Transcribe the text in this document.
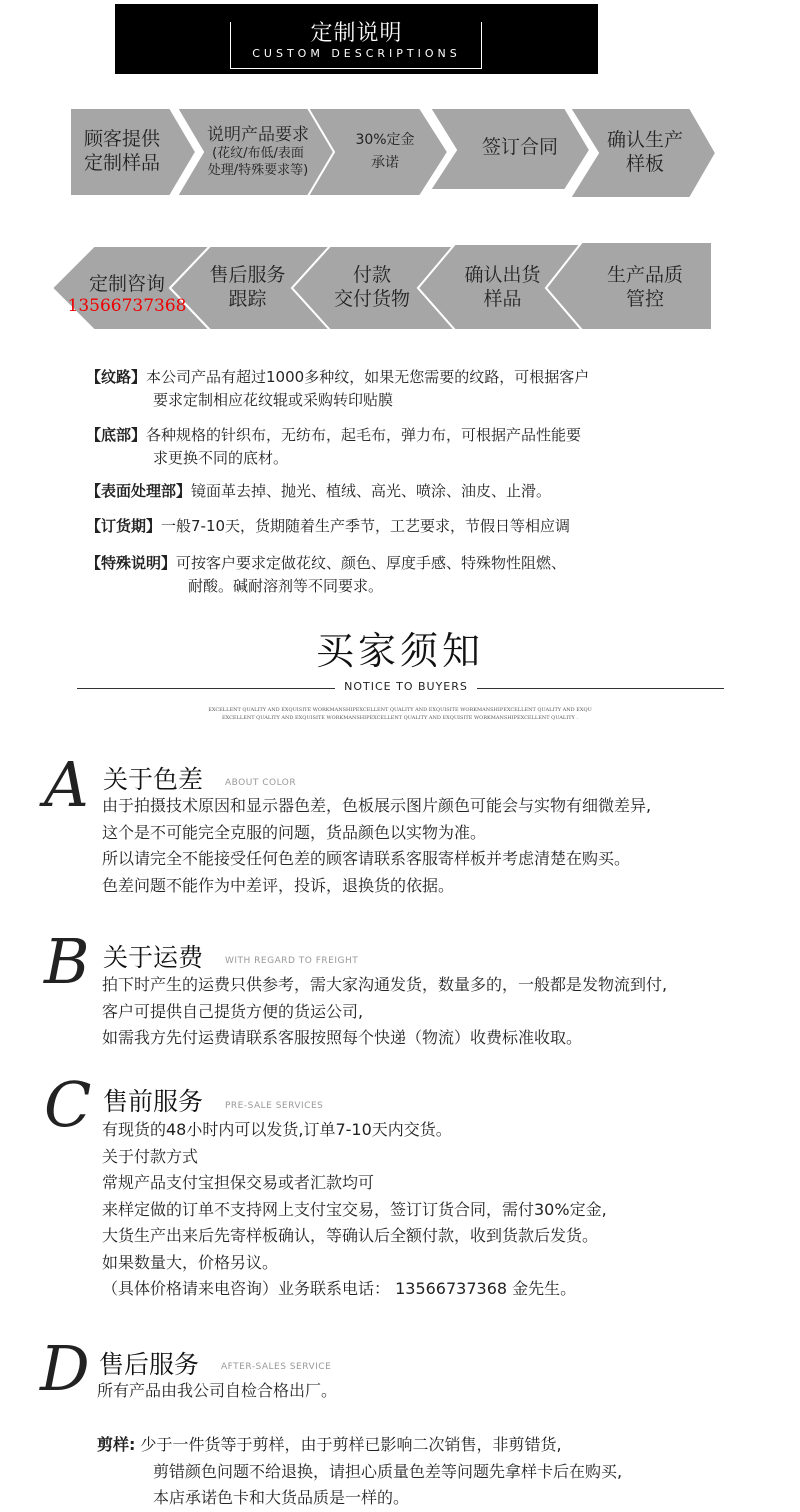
定制说明
CUSTOM DESCRIPTIONS
顾客提供
定制样品
说明产品要求
(花纹/布低/表面
处理/特殊要求等)
30%定金
承诺
签订合同	确认生产
样板
定制咨询
13566737368
售后服务
跟踪
付款
交付货物
确认出货
样品
生产品质
管控
【纹路】本公司产品有超过1000多种纹，如果无您需要的纹路，可根据客户
要求定制相应花纹辊或采购转印贴膜
【底部】各种规格的针织布，无纺布，起毛布，弹力布，可根据产品性能要
求更换不同的底材。
【表面处理部】镜面革去掉、抛光、植绒、高光、喷涂、油皮、止滑。
【订货期】一般7-10天，货期随着生产季节，工艺要求，节假日等相应调
【特殊说明】可按客户要求定做花纹、颜色、厚度手感、特殊物性阻燃、
耐酸。碱耐溶剂等不同要求。
买家须知
NOTICE TO BUYERS
EXCELLENT QUALITY AND EXQUISITE WORKMANSHIPEXCELLENT QUALITY AND EXQUISITE WORKMANSHIPEXCELLENT QUALITY AND EXQU
EXCELLENT QUALITY AND EXQUISITE WORKMANSHIPEXCELLENT QUALITY AND EXQUISITE WORKMANSHIPEXCELLENT QUALITY .
A 关于色差 ABOUT COLOR
由于拍摄技术原因和显示器色差，色板展示图片颜色可能会与实物有细微差异,
这个是不可能完全克服的问题，货品颜色以实物为准。
所以请完全不能接受任何色差的顾客请联系客服寄样板并考虑清楚在购买。
色差问题不能作为中差评，投诉，退换货的依据。
B 关于运费 WITH REGARD TO FREIGHT
拍下时产生的运费只供参考，需大家沟通发货，数量多的，一般都是发物流到付,
客户可提供自己提货方便的货运公司,
如需我方先付运费请联系客服按照每个快递（物流）收费标准收取。
C 售前服务 PRE-SALE SERVICES
有现货的48小时内可以发货,订单7-10天内交货。
关于付款方式
常规产品支付宝担保交易或者汇款均可
来样定做的订单不支持网上支付宝交易，签订订货合同，需付30%定金,
大货生产出来后先寄样板确认，等确认后全额付款，收到货款后发货。
如果数量大，价格另议。
（具体价格请来电咨询）业务联系电话： 13566737368 金先生。
D 售后服务 AFTER-SALES SERVICE
所有产品由我公司自检合格出厂。
剪样: 少于一件货等于剪样，由于剪样已影响二次销售，非剪错货,
剪错颜色问题不给退换，请担心质量色差等问题先拿样卡后在购买,
本店承诺色卡和大货品质是一样的。
